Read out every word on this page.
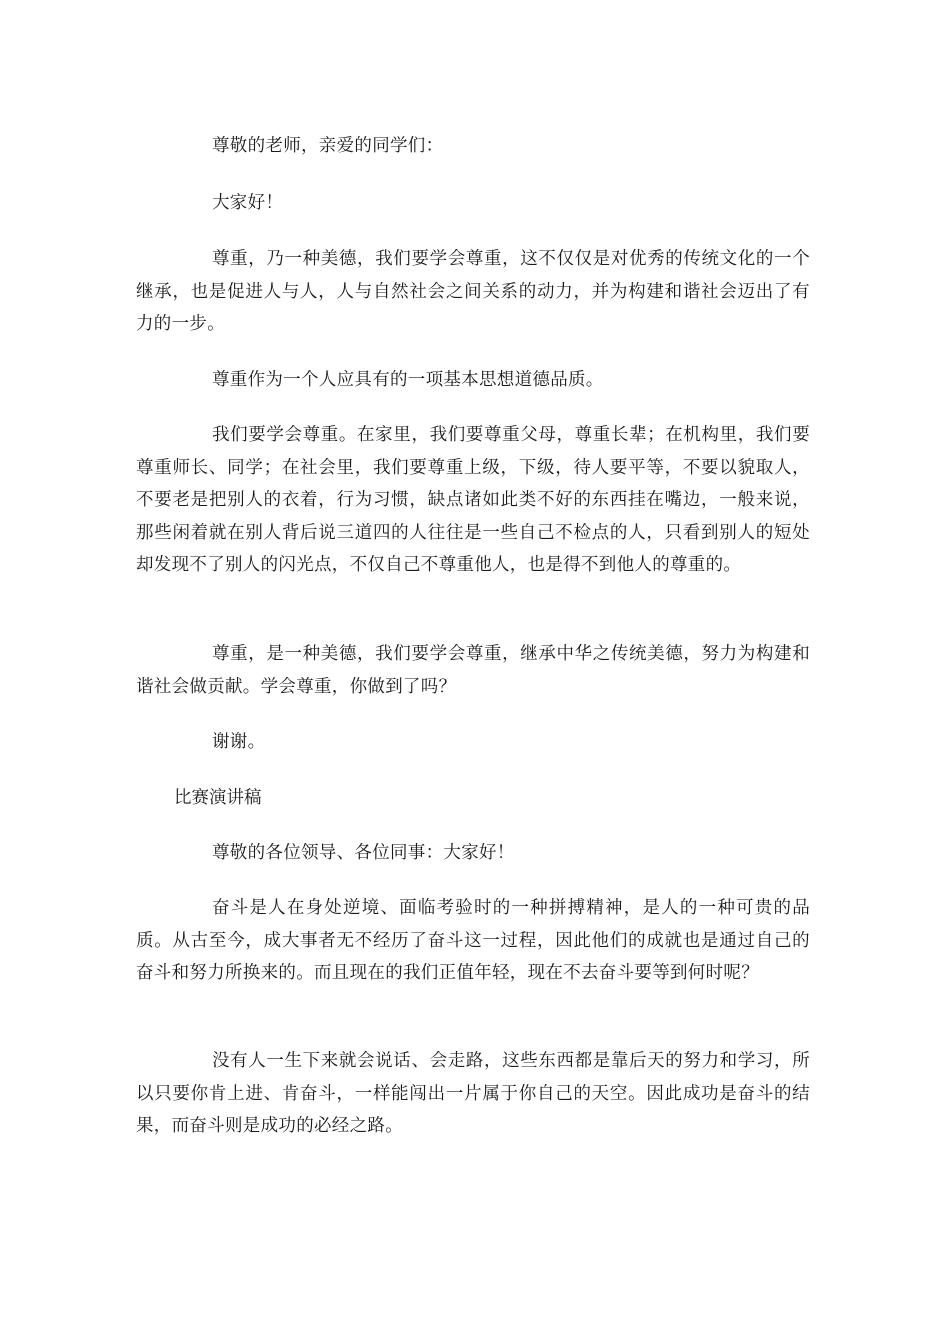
尊敬的老师，亲爱的同学们：

大家好！

尊重，乃一种美德，我们要学会尊重，这不仅仅是对优秀的传统文化的一个继承，也是促进人与人，人与自然社会之间关系的动力，并为构建和谐社会迈出了有力的一步。

尊重作为一个人应具有的一项基本思想道德品质。

我们要学会尊重。在家里，我们要尊重父母，尊重长辈；在机构里，我们要尊重师长、同学；在社会里，我们要尊重上级，下级，待人要平等，不要以貌取人，不要老是把别人的衣着，行为习惯，缺点诸如此类不好的东西挂在嘴边，一般来说，那些闲着就在别人背后说三道四的人往往是一些自己不检点的人，只看到别人的短处却发现不了别人的闪光点，不仅自己不尊重他人，也是得不到他人的尊重的。

尊重，是一种美德，我们要学会尊重，继承中华之传统美德，努力为构建和谐社会做贡献。学会尊重，你做到了吗？

谢谢。

比赛演讲稿

尊敬的各位领导、各位同事：大家好！

奋斗是人在身处逆境、面临考验时的一种拼搏精神，是人的一种可贵的品质。从古至今，成大事者无不经历了奋斗这一过程，因此他们的成就也是通过自己的奋斗和努力所换来的。而且现在的我们正值年轻，现在不去奋斗要等到何时呢？

没有人一生下来就会说话、会走路，这些东西都是靠后天的努力和学习，所以只要你肯上进、肯奋斗，一样能闯出一片属于你自己的天空。因此成功是奋斗的结果，而奋斗则是成功的必经之路。
